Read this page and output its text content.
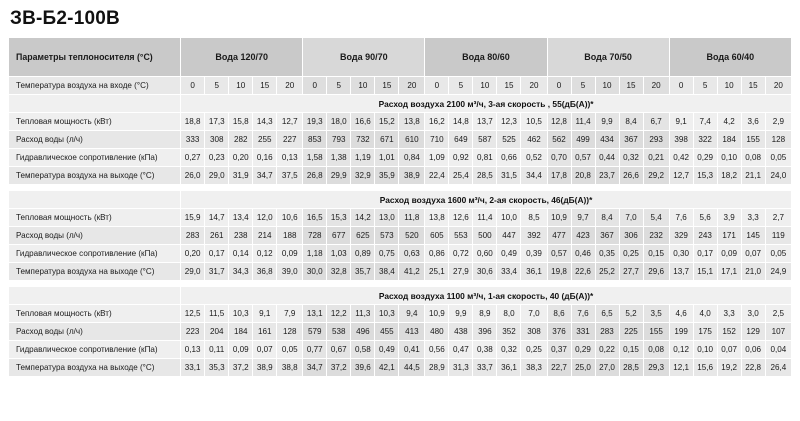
ЗВ-Б2-100В
Параметры теплоносителя (°C)	Вода 120/70					Вода 90/70					Вода 80/60					Вода 70/50					Вода 60/40				
Температура воздуха на входе (°C)	0	5	10	15	20	0	5	10	15	20	0	5	10	15	20	0	5	10	15	20	0	5	10	15	20
	Расход воздуха 2100 м³/ч, 3-ая скорость , 55(дБ(А))*																								
Тепловая мощность (кВт)	18,8	17,3	15,8	14,3	12,7	19,3	18,0	16,6	15,2	13,8	16,2	14,8	13,7	12,3	10,5	12,8	11,4	9,9	8,4	6,7	9,1	7,4	4,2	3,6	2,9
Расход воды (л/ч)	333	308	282	255	227	853	793	732	671	610	710	649	587	525	462	562	499	434	367	293	398	322	184	155	128
Гидравлическое сопротивление (кПа)	0,27	0,23	0,20	0,16	0,13	1,58	1,38	1,19	1,01	0,84	1,09	0,92	0,81	0,66	0,52	0,70	0,57	0,44	0,32	0,21	0,42	0,29	0,10	0,08	0,05
Температура воздуха на выходе (°C)	26,0	29,0	31,9	34,7	37,5	26,8	29,9	32,9	35,9	38,9	22,4	25,4	28,5	31,5	34,4	17,8	20,8	23,7	26,6	29,2	12,7	15,3	18,2	21,1	24,0

	Расход воздуха 1600 м³/ч, 2-ая скорость, 46(дБ(А))*																								
Тепловая мощность (кВт)	15,9	14,7	13,4	12,0	10,6	16,5	15,3	14,2	13,0	11,8	13,8	12,6	11,4	10,0	8,5	10,9	9,7	8,4	7,0	5,4	7,6	5,6	3,9	3,3	2,7
Расход воды (л/ч)	283	261	238	214	188	728	677	625	573	520	605	553	500	447	392	477	423	367	306	232	329	243	171	145	119
Гидравлическое сопротивление (кПа)	0,20	0,17	0,14	0,12	0,09	1,18	1,03	0,89	0,75	0,63	0,86	0,72	0,60	0,49	0,39	0,57	0,46	0,35	0,25	0,15	0,30	0,17	0,09	0,07	0,05
Температура воздуха на выходе (°C)	29,0	31,7	34,3	36,8	39,0	30,0	32,8	35,7	38,4	41,2	25,1	27,9	30,6	33,4	36,1	19,8	22,6	25,2	27,7	29,6	13,7	15,1	17,1	21,0	24,9

	Расход воздуха 1100 м³/ч, 1-ая скорость, 40 (дБ(А))*																								
Тепловая мощность (кВт)	12,5	11,5	10,3	9,1	7,9	13,1	12,2	11,3	10,3	9,4	10,9	9,9	8,9	8,0	7,0	8,6	7,6	6,5	5,2	3,5	4,6	4,0	3,3	3,0	2,5
Расход воды (л/ч)	223	204	184	161	128	579	538	496	455	413	480	438	396	352	308	376	331	283	225	155	199	175	152	129	107
Гидравлическое сопротивление (кПа)	0,13	0,11	0,09	0,07	0,05	0,77	0,67	0,58	0,49	0,41	0,56	0,47	0,38	0,32	0,25	0,37	0,29	0,22	0,15	0,08	0,12	0,10	0,07	0,06	0,04
Температура воздуха на выходе (°C)	33,1	35,3	37,2	38,9	38,8	34,7	37,2	39,6	42,1	44,5	28,9	31,3	33,7	36,1	38,3	22,7	25,0	27,0	28,5	29,3	12,1	15,6	19,2	22,8	26,4
